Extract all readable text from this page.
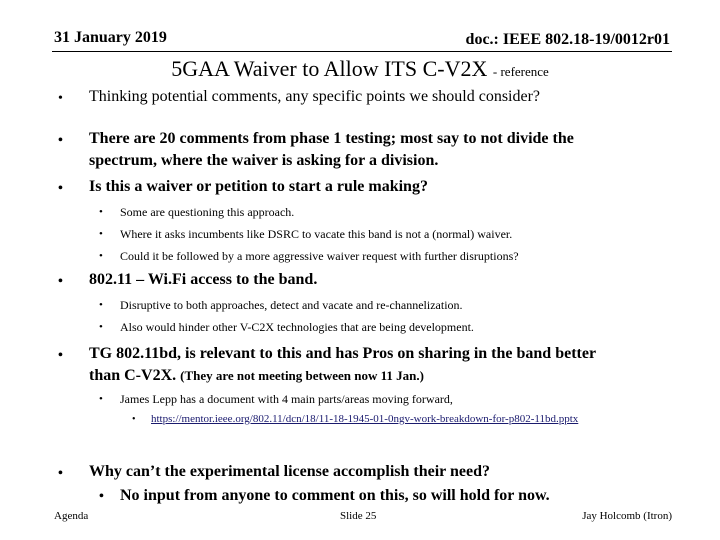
31 January 2019	doc.: IEEE 802.18-19/0012r01
5GAA Waiver to Allow ITS C-V2X - reference
• Thinking potential comments, any specific points we should consider?
• There are 20 comments from phase 1 testing; most say to not divide the
spectrum, where the waiver is asking for a division.
• Is this a waiver or petition to start a rule making?
• Some are questioning this approach.
• Where it asks incumbents like DSRC to vacate this band is not a (normal) waiver.
• Could it be followed by a more aggressive waiver request with further disruptions?
• 802.11 – Wi.Fi access to the band.
• Disruptive to both approaches, detect and vacate and re-channelization.
• Also would hinder other V-C2X technologies that are being development.
• TG 802.11bd, is relevant to this and has Pros on sharing in the band better
than C-V2X. (They are not meeting between now 11 Jan.)
• James Lepp has a document with 4 main parts/areas moving forward,
• https://mentor.ieee.org/802.11/dcn/18/11-18-1945-01-0ngv-work-breakdown-for-p802-11bd.pptx
• Why can’t the experimental license accomplish their need?
• No input from anyone to comment on this, so will hold for now.
Agenda	Slide 25	Jay Holcomb (Itron)
